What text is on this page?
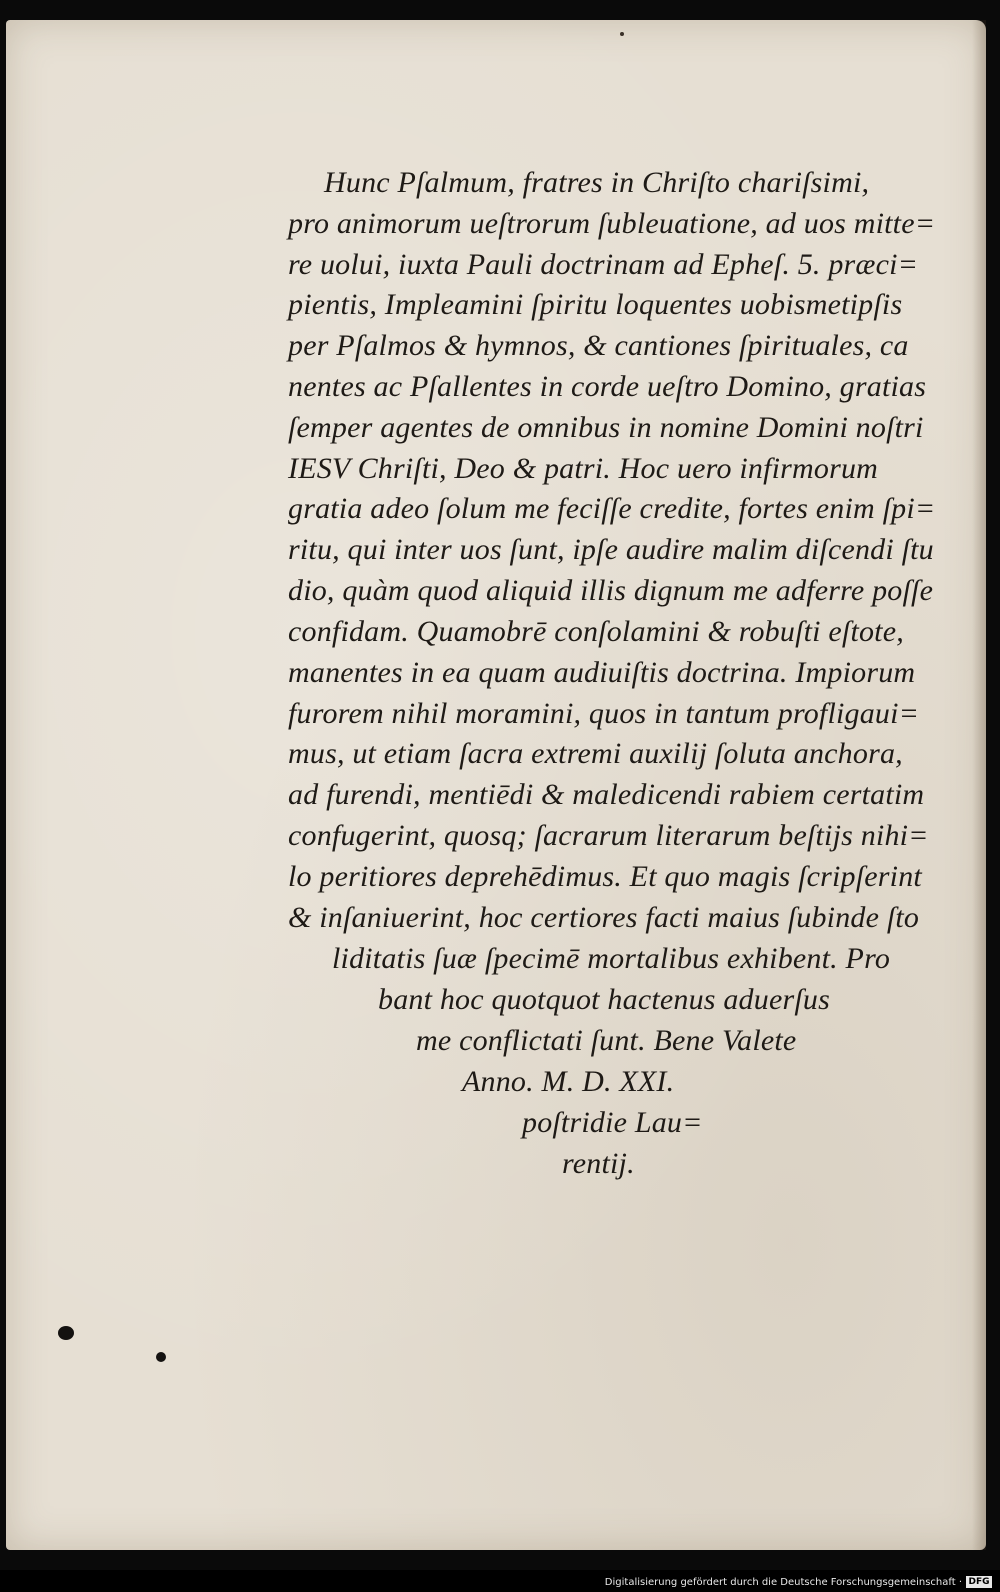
Hunc Pſalmum, fratres in Chriſto chariſsimi,

pro animorum ueſtrorum ſubleuatione, ad uos mitte=

re uolui, iuxta Pauli doctrinam ad Epheſ. 5. præci=

pientis, Impleamini ſpiritu loquentes uobismetipſis

per Pſalmos & hymnos, & cantiones ſpirituales, ca

nentes ac Pſallentes in corde ueſtro Domino, gratias

ſemper agentes de omnibus in nomine Domini noſtri

IESV Chriſti, Deo & patri. Hoc uero infirmorum

gratia adeo ſolum me feciſſe credite, fortes enim ſpi=

ritu, qui inter uos ſunt, ipſe audire malim diſcendi ſtu

dio, quàm quod aliquid illis dignum me adferre poſſe

confidam. Quamobrē conſolamini & robuſti eſtote,

manentes in ea quam audiuiſtis doctrina. Impiorum

furorem nihil moramini, quos in tantum profligaui=

mus, ut etiam ſacra extremi auxilij ſoluta anchora,

ad furendi, mentiēdi & maledicendi rabiem certatim

confugerint, quosq; ſacrarum literarum beſtijs nihi=

lo peritiores deprehēdimus. Et quo magis ſcripſerint

& inſaniuerint, hoc certiores facti maius ſubinde ſto

liditatis ſuæ ſpecimē mortalibus exhibent. Pro

bant hoc quotquot hactenus aduerſus

me conflictati ſunt. Bene Valete

Anno. M. D. XXI.

poſtridie Lau=

rentij.

Digitalisierung gefördert durch die Deutsche Forschungsgemeinschaft · DFG
